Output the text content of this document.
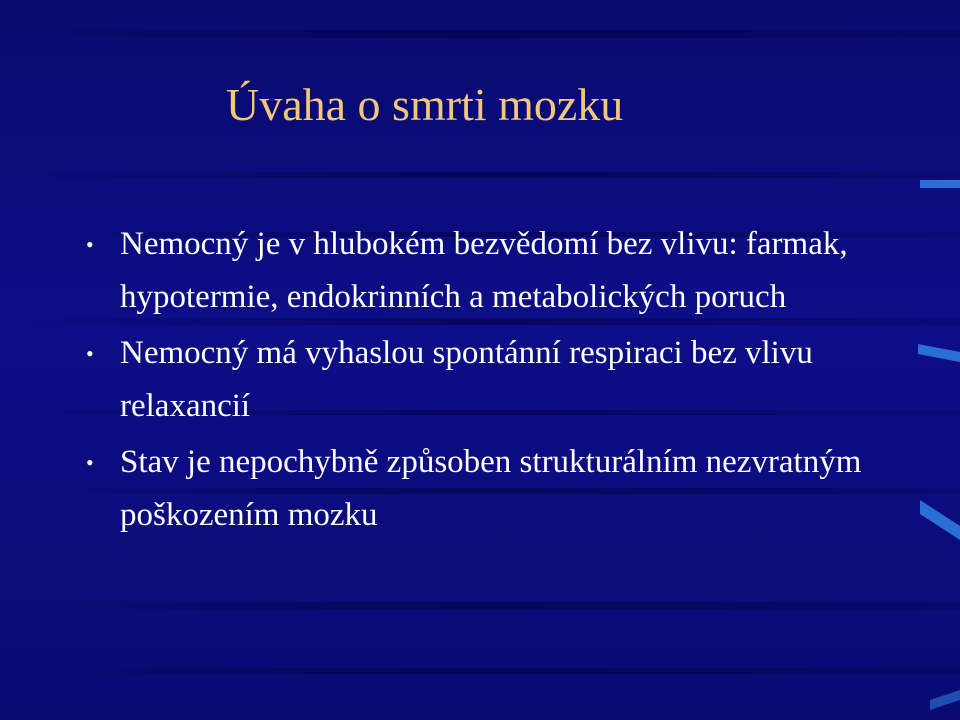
Úvaha o smrti mozku
• Nemocný je v hlubokém bezvědomí bez vlivu: farmak, hypotermie, endokrinních a metabolických poruch
• Nemocný má vyhaslou spontánní respiraci bez vlivu relaxancií
• Stav je nepochybně způsoben strukturálním nezvratným poškozením mozku
